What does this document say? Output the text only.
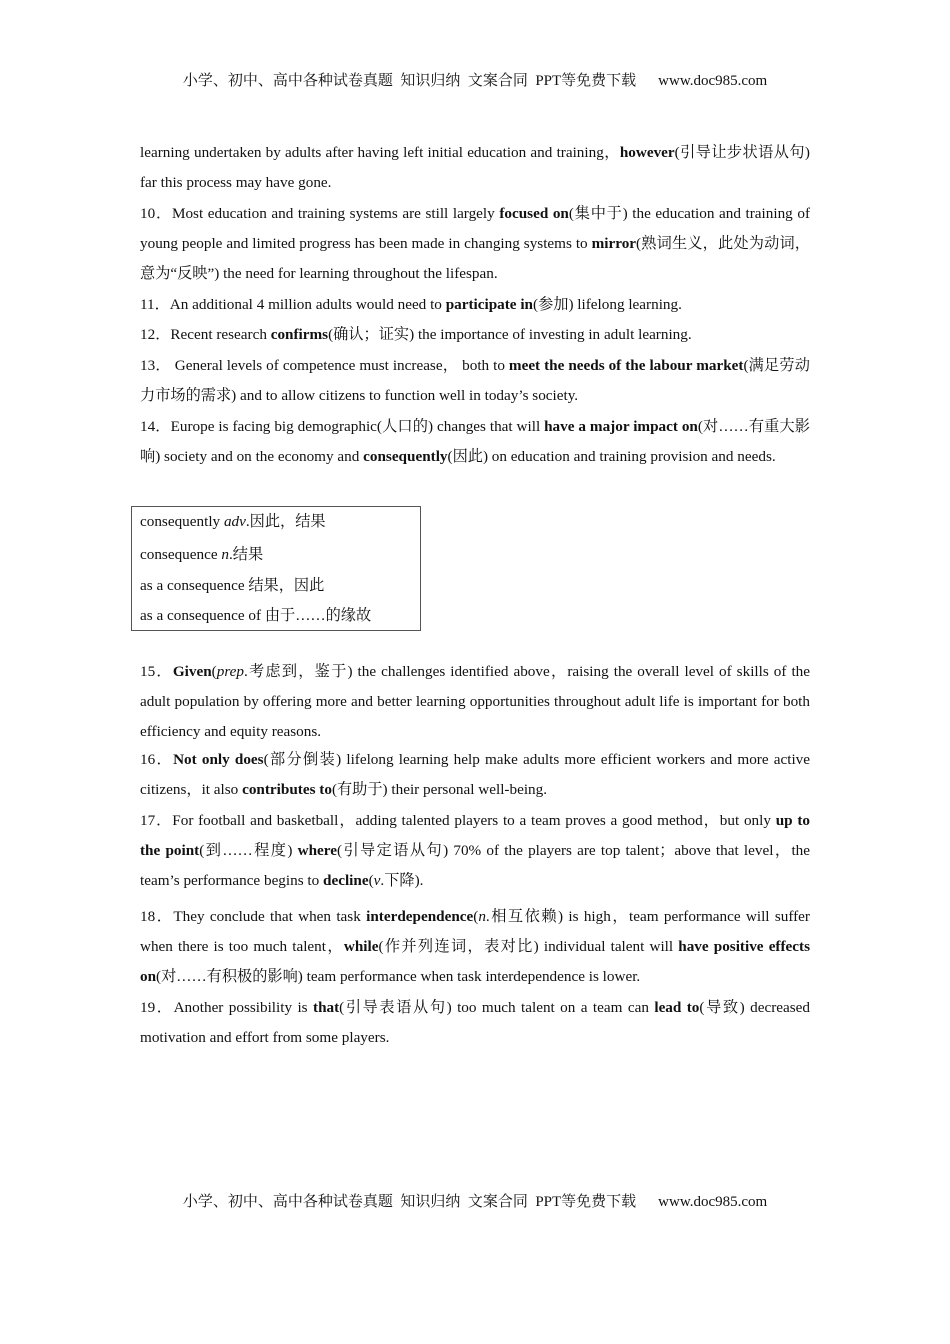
小学、初中、高中各种试卷真题  知识归纳  文案合同  PPT等免费下载 www.doc985.com
learning undertaken by adults after having left initial education and training，however(引导让步状语从句) far this process may have gone.
10．Most education and training systems are still largely focused on(集中于) the education and training of young people and limited progress has been made in changing systems to mirror(熟词生义，此处为动词，意为“反映”) the need for learning throughout the lifespan.
11．An additional 4 million adults would need to participate in(参加) lifelong learning.
12．Recent research confirms(确认；证实) the importance of investing in adult learning.
13． General levels of competence must increase， both to meet the needs of the labour market(满足劳动力市场的需求) and to allow citizens to function well in today’s society.
14．Europe is facing big demographic(人口的) changes that will have a major impact on(对……有重大影响) society and on the economy and consequently(因此) on education and training provision and needs.
15．Given(prep.考虑到，鉴于) the challenges identified above，raising the overall level of skills of the adult population by offering more and better learning opportunities throughout adult life is important for both efficiency and equity reasons.
16．Not only does(部分倒装) lifelong learning help make adults more efficient workers and more active citizens，it also contributes to(有助于) their personal well-being.
17．For football and basketball，adding talented players to a team proves a good method，but only up to the point(到……程度) where(引导定语从句) 70% of the players are top talent；above that level，the team’s performance begins to decline(v.下降).
18．They conclude that when task interdependence(n.相互依赖) is high，team performance will suffer when there is too much talent，while(作并列连词，表对比) individual talent will have positive effects on(对……有积极的影响) team performance when task interdependence is lower.
19．Another possibility is that(引导表语从句) too much talent on a team can lead to(导致) decreased motivation and effort from some players.
consequently adv.因此，结果
consequence n.结果
as a consequence 结果，因此
as a consequence of 由于……的缘故
小学、初中、高中各种试卷真题  知识归纳  文案合同  PPT等免费下载 www.doc985.com
